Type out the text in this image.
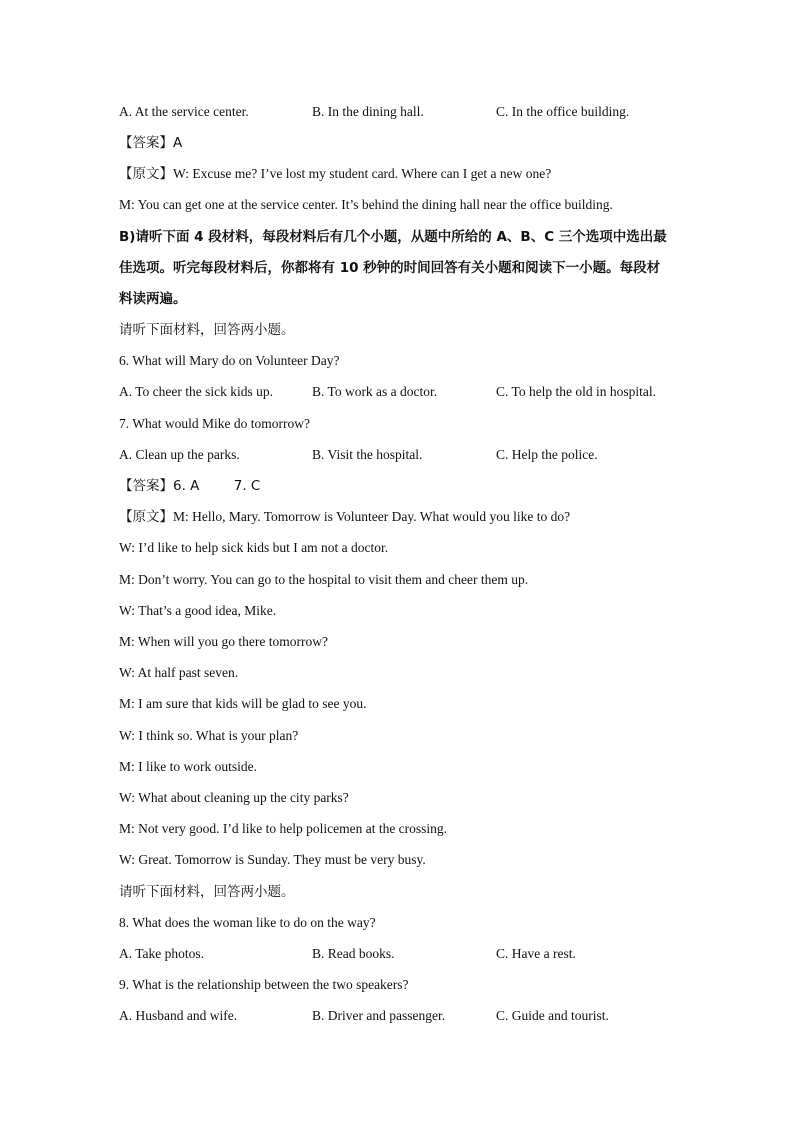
A. At the service center.	B. In the dining hall.	C. In the office building.
【答案】A
【原文】W: Excuse me? I’ve lost my student card. Where can I get a new one?
M: You can get one at the service center. It’s behind the dining hall near the office building.
B)请听下面 4 段材料，每段材料后有几个小题，从题中所给的 A、B、C 三个选项中选出最
佳选项。听完每段材料后，你都将有 10 秒钟的时间回答有关小题和阅读下一小题。每段材
料读两遍。
请听下面材料，回答两小题。
6. What will Mary do on Volunteer Day?
A. To cheer the sick kids up.	B. To work as a doctor.	C. To help the old in hospital.
7. What would Mike do tomorrow?
A. Clean up the parks.	B. Visit the hospital.	C. Help the police.
【答案】6. A        7. C
【原文】M: Hello, Mary. Tomorrow is Volunteer Day. What would you like to do?
W: I’d like to help sick kids but I am not a doctor.
M: Don’t worry. You can go to the hospital to visit them and cheer them up.
W: That’s a good idea, Mike.
M: When will you go there tomorrow?
W: At half past seven.
M: I am sure that kids will be glad to see you.
W: I think so. What is your plan?
M: I like to work outside.
W: What about cleaning up the city parks?
M: Not very good. I’d like to help policemen at the crossing.
W: Great. Tomorrow is Sunday. They must be very busy.
请听下面材料，回答两小题。
8. What does the woman like to do on the way?
A. Take photos.	B. Read books.	C. Have a rest.
9. What is the relationship between the two speakers?
A. Husband and wife.	B. Driver and passenger.	C. Guide and tourist.
